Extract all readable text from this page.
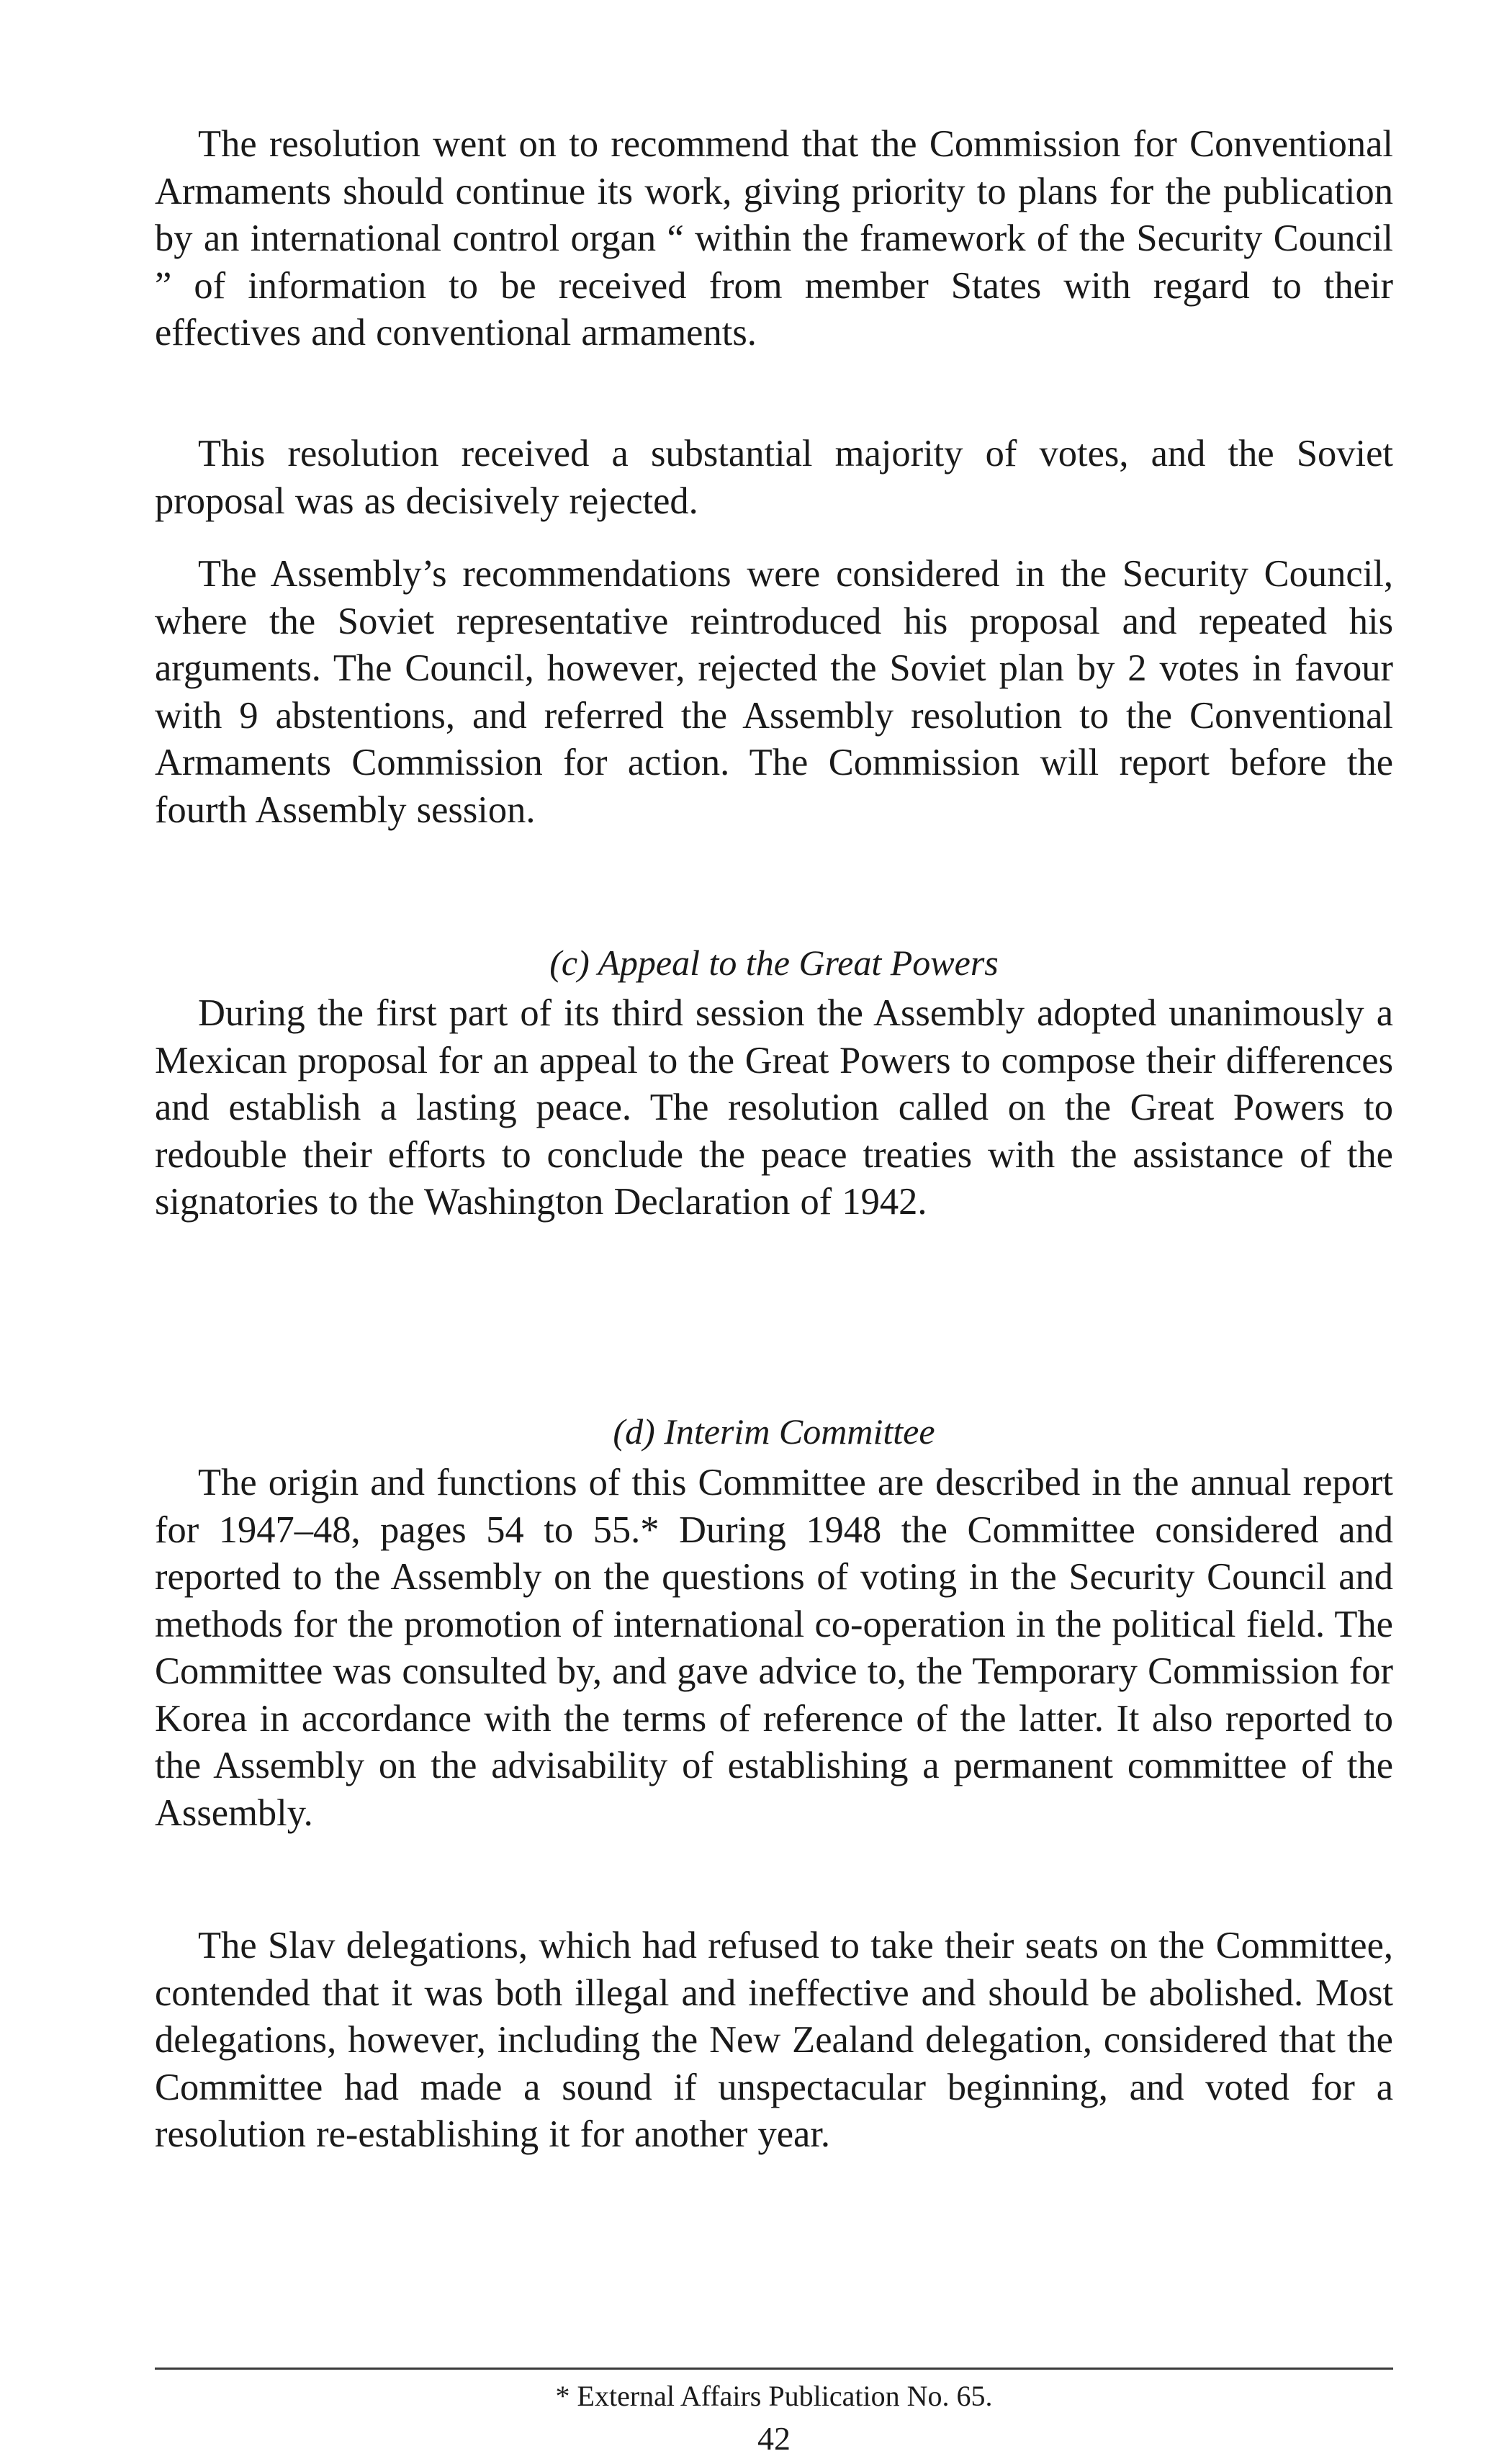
The resolution went on to recommend that the Commission for Conventional Armaments should continue its work, giving priority to plans for the publication by an international control organ “ within the framework of the Security Council ” of information to be received from member States with regard to their effectives and conventional armaments.

This resolution received a substantial majority of votes, and the Soviet proposal was as decisively rejected.

The Assembly’s recommendations were considered in the Security Council, where the Soviet representative reintroduced his proposal and repeated his arguments. The Council, however, rejected the Soviet plan by 2 votes in favour with 9 abstentions, and referred the Assembly resolution to the Conventional Armaments Commission for action. The Commission will report before the fourth Assembly session.

(c) Appeal to the Great Powers

During the first part of its third session the Assembly adopted unanimously a Mexican proposal for an appeal to the Great Powers to compose their differences and establish a lasting peace. The resolution called on the Great Powers to redouble their efforts to conclude the peace treaties with the assistance of the signatories to the Washington Declaration of 1942.

(d) Interim Committee

The origin and functions of this Committee are described in the annual report for 1947–48, pages 54 to 55.* During 1948 the Committee considered and reported to the Assembly on the questions of voting in the Security Council and methods for the promotion of international co-operation in the political field. The Committee was consulted by, and gave advice to, the Temporary Commission for Korea in accordance with the terms of reference of the latter. It also reported to the Assembly on the advisability of establishing a permanent committee of the Assembly.

The Slav delegations, which had refused to take their seats on the Committee, contended that it was both illegal and ineffective and should be abolished. Most delegations, however, including the New Zealand delegation, considered that the Committee had made a sound if unspectacular beginning, and voted for a resolution re-establishing it for another year.

* External Affairs Publication No. 65.

42
